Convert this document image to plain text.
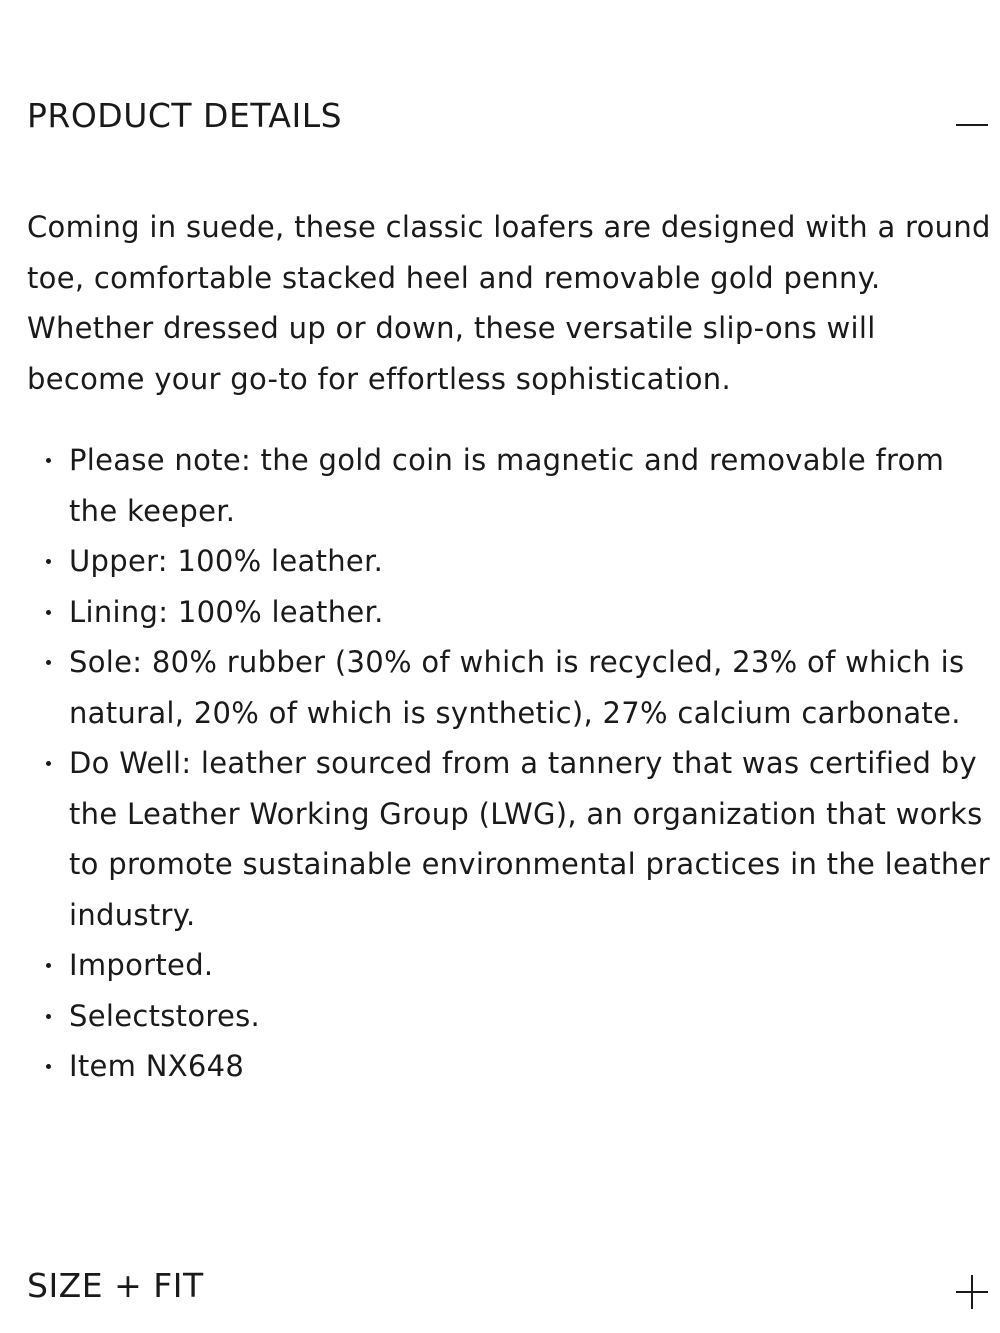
PRODUCT DETAILS

Coming in suede, these classic loafers are designed with a round toe, comfortable stacked heel and removable gold penny. Whether dressed up or down, these versatile slip-ons will become your go-to for effortless sophistication.

Please note: the gold coin is magnetic and removable from the keeper.
Upper: 100% leather.
Lining: 100% leather.
Sole: 80% rubber (30% of which is recycled, 23% of which is natural, 20% of which is synthetic), 27% calcium carbonate.
Do Well: leather sourced from a tannery that was certified by the Leather Working Group (LWG), an organization that works to promote sustainable environmental practices in the leather industry.
Imported.
Selectstores.
Item NX648
SIZE + FIT
